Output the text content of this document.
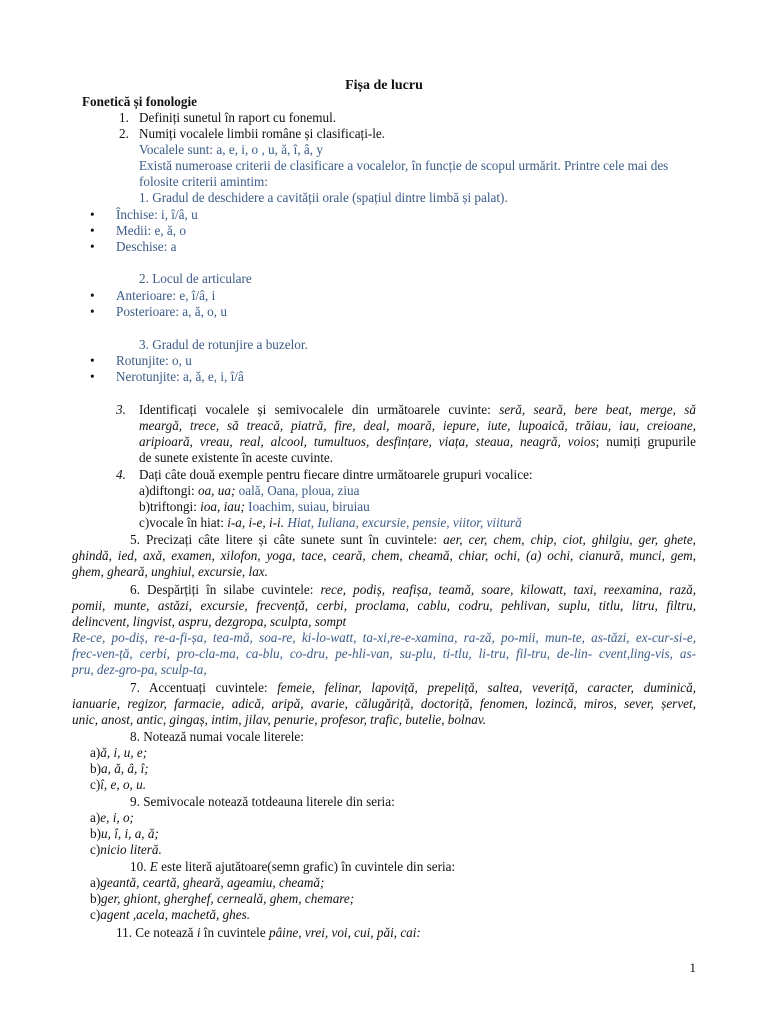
Fișa de lucru
Fonetică și fonologie
1. Definiți sunetul în raport cu fonemul.
2. Numiți vocalele limbii române și clasificați-le.
Vocalele sunt: a, e, i, o , u, ă, î, â, y
Există numeroase criterii de clasificare a vocalelor, în funcție de scopul urmărit. Printre cele mai des
folosite criterii amintim:
1. Gradul de deschidere a cavității orale (spațiul dintre limbă și palat).
• Închise: i, î/â, u
• Medii: e, ă, o
• Deschise: a
2. Locul de articulare
• Anterioare: e, î/â, i
• Posterioare: a, ă, o, u
3. Gradul de rotunjire a buzelor.
• Rotunjite: o, u
• Nerotunjite: a, ă, e, i, î/â
3. Identificați vocalele și semivocalele din următoarele cuvinte: seră, seară, bere beat, merge, să
meargă, trece, să treacă, piatră, fire, deal, moară, iepure, iute, lupoaică, trăiau, iau, creioane,
aripioară, vreau, real, alcool, tumultuos, desfințare, viața, steaua, neagră, voios; numiți grupurile
de sunete existente în aceste cuvinte.
4. Dați câte două exemple pentru fiecare dintre următoarele grupuri vocalice:
a)diftongi: oa, ua; oală, Oana, ploua, ziua
b)triftongi: ioa, iau; Ioachim, suiau, biruiau
c)vocale în hiat: i-a, i-e, i-i. Hiat, Iuliana, excursie, pensie, viitor, viitură
5. Precizați câte litere și câte sunete sunt în cuvintele: aer, cer, chem, chip, ciot, ghilgiu, ger, ghete,
ghindă, ied, axă, examen, xilofon, yoga, tace, ceară, chem, cheamă, chiar, ochi, (a) ochi, cianură, munci, gem,
ghem, gheară, unghiul, excursie, lax.
6. Despărțiți în silabe cuvintele: rece, podiș, reafișa, teamă, soare, kilowatt, taxi, reexamina, rază,
pomii, munte, astăzi, excursie, frecvență, cerbi, proclama, cablu, codru, pehlivan, suplu, titlu, litru, filtru,
delincvent, lingvist, aspru, dezgropa, sculpta, sompt
Re-ce, po-diș, re-a-fi-șa, tea-mă, soa-re, ki-lo-watt, ta-xi,re-e-xamina, ra-ză, po-mii, mun-te, as-tăzi, ex-cur-si-e,
frec-ven-ță, cerbi, pro-cla-ma, ca-blu, co-dru, pe-hli-van, su-plu, ti-tlu, li-tru, fil-tru, de-lin- cvent,ling-vis, as-
pru, dez-gro-pa, sculp-ta,
7. Accentuați cuvintele: femeie, felinar, lapoviță, prepeliță, saltea, veveriță, caracter, duminică,
ianuarie, regizor, farmacie, adică, aripă, avarie, călugăriță, doctoriță, fenomen, lozincă, miros, sever, șervet,
unic, anost, antic, gingaș, intim, jilav, penurie, profesor, trafic, butelie, bolnav.
8. Notează numai vocale literele:
a)ă, i, u, e;
b)a, ă, â, î;
c)î, e, o, u.
9. Semivocale notează totdeauna literele din seria:
a)e, i, o;
b)u, î, i, a, ă;
c)nicio literă.
10. E este literă ajutătoare(semn grafic) în cuvintele din seria:
a)geantă, ceartă, gheară, ageamiu, cheamă;
b)ger, ghiont, gherghef, cerneală, ghem, chemare;
c)agent ,acela, machetă, ghes.
11. Ce notează i în cuvintele pâine, vrei, voi, cui, păi, cai:
1
